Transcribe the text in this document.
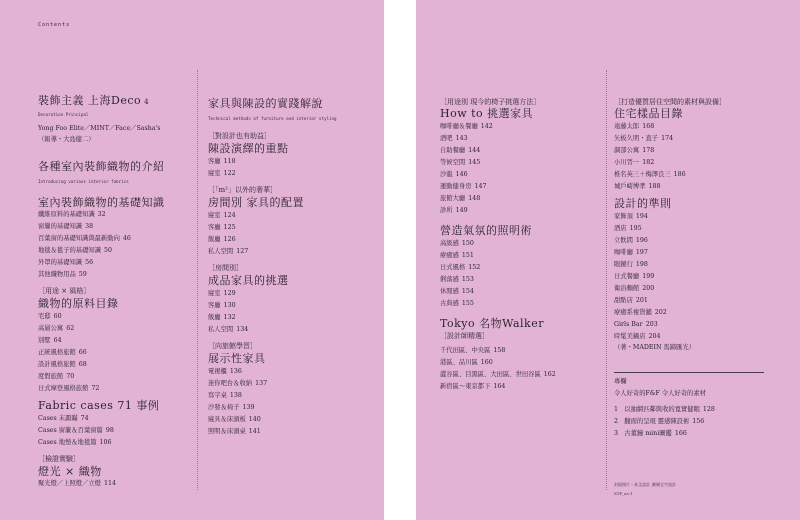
Contents
裝飾主義 上海Deco 4
Decoration Principal
Yong Foo Elite／MINT／Face／Sasha's
（報導・大島健二）
各種室內裝飾織物的介紹
Introducing various interior fabrics
室內裝飾織物的基礎知識
纖維原料的基礎知識 32
窗簾的基礎知識 38
百葉窗的基礎知識與最新動向 46
地毯＆毯子的基礎知識 50
外罩的基礎知識 56
其他織物用品 59
［用途 × 風格］
織物的原料目錄
宅邸 60
高層公寓 62
別墅 64
正統風格旅館 66
設計風格旅館 68
度假旅館 70
日式摩登風格旅館 72
Fabric cases 71 事例
Cases 末諏瞞 74
Cases 窗簾＆百葉窗篇 98
Cases 地墊＆地毯篇 106
［檢證實驗］
燈光 × 織物
聚光燈／上照燈／立燈 114
家具與陳設的實踐解說
Technical methods of furniture and interior styling
［對設計也有助益］
陳設演繹的重點
客廳 118
寢室 122
［「m²」以外的奢華］
房間別 家具的配置
寢室 124
客廳 125
飯廳 126
私人空間 127
［房間別］
成品家具的挑選
寢室 129
客廳 130
飯廳 132
私人空間 134
［向旅館學習］
展示性家具
電視櫃 136
迷你吧台＆收納 137
寫字桌 138
沙發＆椅子 139
寢具＆床頭板 140
照明＆床頭桌 141
［用途別 現今的椅子挑選方法］
How to 挑選家具
咖啡廳＆餐廳 142
酒吧 143
自助餐廳 144
等候空間 145
沙龍 146
運動健身房 147
旅館大廳 148
診所 149
營造氣氛的照明術
高級感 150
療癒感 151
日式風格 152
俐落感 153
休閒感 154
古典感 155
Tokyo 名物Walker
［設計師精選］
千代田區、中央區 158
港區、品川區 160
澀谷區、目黑區、大田區、世田谷區 162
新宿區～東京都下 164
［打造優質居住空間的素材與設備］
住宅樣品目錄
遠藤太郎 168
矢板久明・直子 174
調部公寓 178
小川晉一 182
椎名英三＋梅澤良三 186
城戶崎博孝 188
設計的準則
家飾頂 194
酒店 195
立飲間 196
咖啡廳 197
眼鏡行 198
日式餐廳 199
衛浴麵館 200
甜點店 201
療癒系複貨舖 202
Girls Bar 203
時髦美鍋店 204
（著・MADEIN 馬蹄匯光）
專欄
令人好奇的F&F 令人好奇的素材
1　以抽網匹鄰與收的寬實健眠 128
2　翻面的呈現 靈感陳設術 156
3　古董鐘 mini圖鑑 166
封面照片・本文設計_漸層全字設計
STF_as-1
